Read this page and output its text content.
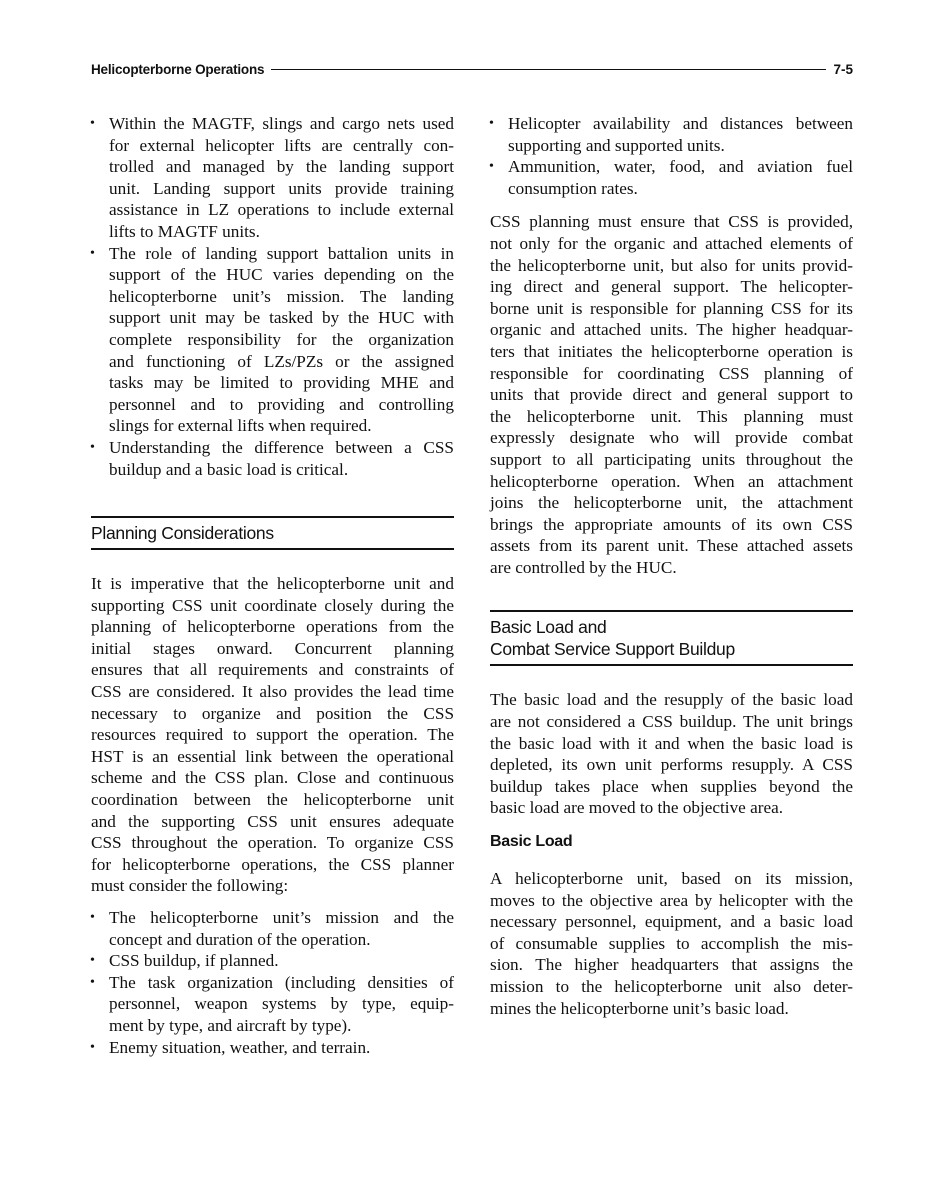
Helicopterborne Operations	7-5
• Within the MAGTF, slings and cargo nets used
for external helicopter lifts are centrally con-
trolled and managed by the landing support
unit. Landing support units provide training
assistance in LZ operations to include external
lifts to MAGTF units.
• The role of landing support battalion units in
support of the HUC varies depending on the
helicopterborne unit’s mission. The landing
support unit may be tasked by the HUC with
complete responsibility for the organization
and functioning of LZs/PZs or the assigned
tasks may be limited to providing MHE and
personnel and to providing and controlling
slings for external lifts when required.
• Understanding the difference between a CSS
buildup and a basic load is critical.
Planning Considerations

It is imperative that the helicopterborne unit and
supporting CSS unit coordinate closely during the
planning of helicopterborne operations from the
initial stages onward. Concurrent planning
ensures that all requirements and constraints of
CSS are considered. It also provides the lead time
necessary to organize and position the CSS
resources required to support the operation. The
HST is an essential link between the operational
scheme and the CSS plan. Close and continuous
coordination between the helicopterborne unit
and the supporting CSS unit ensures adequate
CSS throughout the operation. To organize CSS
for helicopterborne operations, the CSS planner
must consider the following:

• The helicopterborne unit’s mission and the
concept and duration of the operation.
• CSS buildup, if planned.
• The task organization (including densities of
personnel, weapon systems by type, equip-
ment by type, and aircraft by type).
• Enemy situation, weather, and terrain.
• Helicopter availability and distances between
supporting and supported units.
• Ammunition, water, food, and aviation fuel
consumption rates.

CSS planning must ensure that CSS is provided,
not only for the organic and attached elements of
the helicopterborne unit, but also for units provid-
ing direct and general support. The helicopter-
borne unit is responsible for planning CSS for its
organic and attached units. The higher headquar-
ters that initiates the helicopterborne operation is
responsible for coordinating CSS planning of
units that provide direct and general support to
the helicopterborne unit. This planning must
expressly designate who will provide combat
support to all participating units throughout the
helicopterborne operation. When an attachment
joins the helicopterborne unit, the attachment
brings the appropriate amounts of its own CSS
assets from its parent unit. These attached assets
are controlled by the HUC.

Basic Load and
Combat Service Support Buildup

The basic load and the resupply of the basic load
are not considered a CSS buildup. The unit brings
the basic load with it and when the basic load is
depleted, its own unit performs resupply. A CSS
buildup takes place when supplies beyond the
basic load are moved to the objective area.

Basic Load

A helicopterborne unit, based on its mission,
moves to the objective area by helicopter with the
necessary personnel, equipment, and a basic load
of consumable supplies to accomplish the mis-
sion. The higher headquarters that assigns the
mission to the helicopterborne unit also deter-
mines the helicopterborne unit’s basic load.
